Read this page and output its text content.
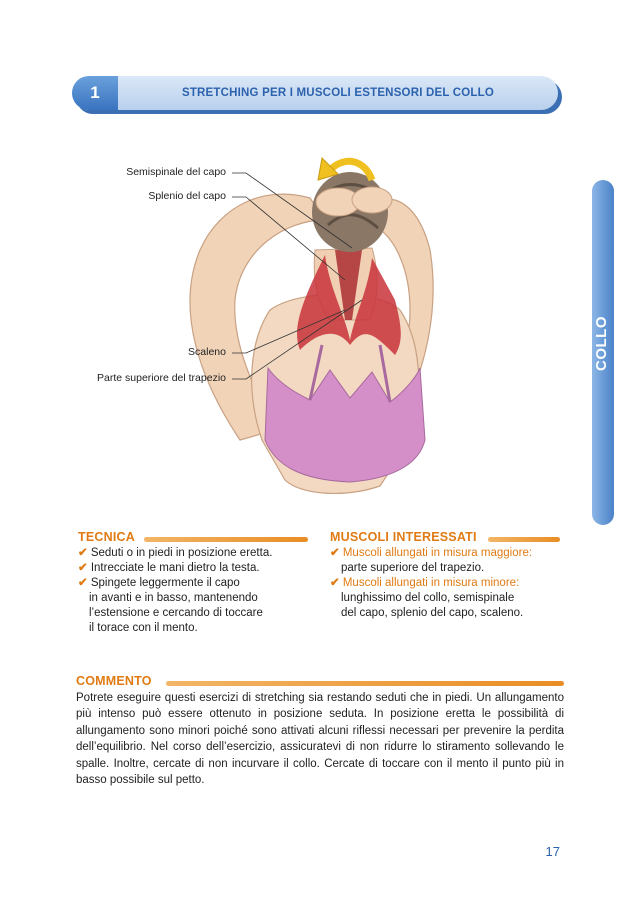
1	STRETCHING PER I MUSCOLI ESTENSORI DEL COLLO
COLLO
Semispinale del capo
Splenio del capo
Scaleno
Parte superiore del trapezio
TECNICA
✔ Seduti o in piedi in posizione eretta.
✔ Intrecciate le mani dietro la testa.
✔ Spingete leggermente il capo
in avanti e in basso, mantenendo
l’estensione e cercando di toccare
il torace con il mento.
MUSCOLI INTERESSATI
✔ Muscoli allungati in misura maggiore:
parte superiore del trapezio.
✔ Muscoli allungati in misura minore:
lunghissimo del collo, semispinale
del capo, splenio del capo, scaleno.
COMMENTO
Potrete eseguire questi esercizi di stretching sia restando seduti che in piedi. Un allungamento più intenso può essere ottenuto in posizione seduta. In posizione eretta le possibilità di allungamento sono minori poiché sono attivati alcuni riflessi necessari per prevenire la perdita dell’equilibrio. Nel corso dell’esercizio, assicuratevi di non ridurre lo stiramento sollevando le spalle. Inoltre, cercate di non incurvare il collo. Cercate di toccare con il mento il punto più in basso possibile sul petto.
17
